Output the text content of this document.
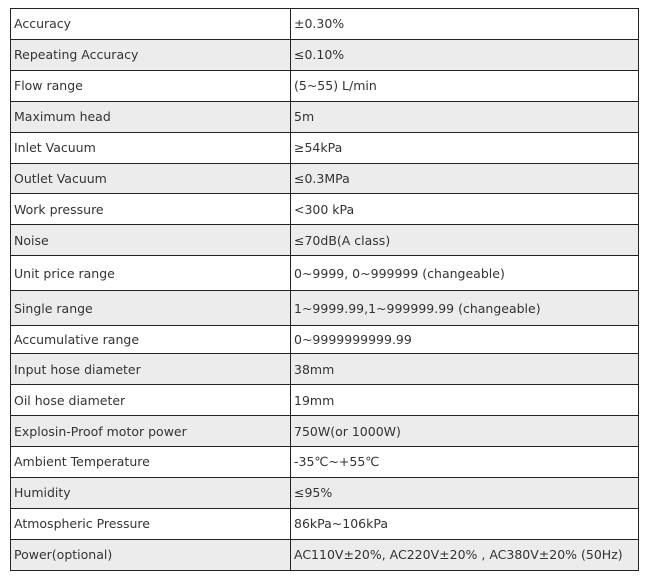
Accuracy	±0.30%
Repeating Accuracy	≤0.10%
Flow range	(5~55) L/min
Maximum head	5m
Inlet Vacuum	≥54kPa
Outlet Vacuum	≤0.3MPa
Work pressure	<300 kPa
Noise	≤70dB(A class)
Unit price range	0~9999, 0~999999 (changeable)
Single range	1~9999.99,1~999999.99 (changeable)
Accumulative range	0~9999999999.99
Input hose diameter	38mm
Oil hose diameter	19mm
Explosin-Proof motor power	750W(or 1000W)
Ambient Temperature	-35℃~+55℃
Humidity	≤95%
Atmospheric Pressure	86kPa~106kPa
Power(optional)	AC110V±20%, AC220V±20% , AC380V±20% (50Hz)
